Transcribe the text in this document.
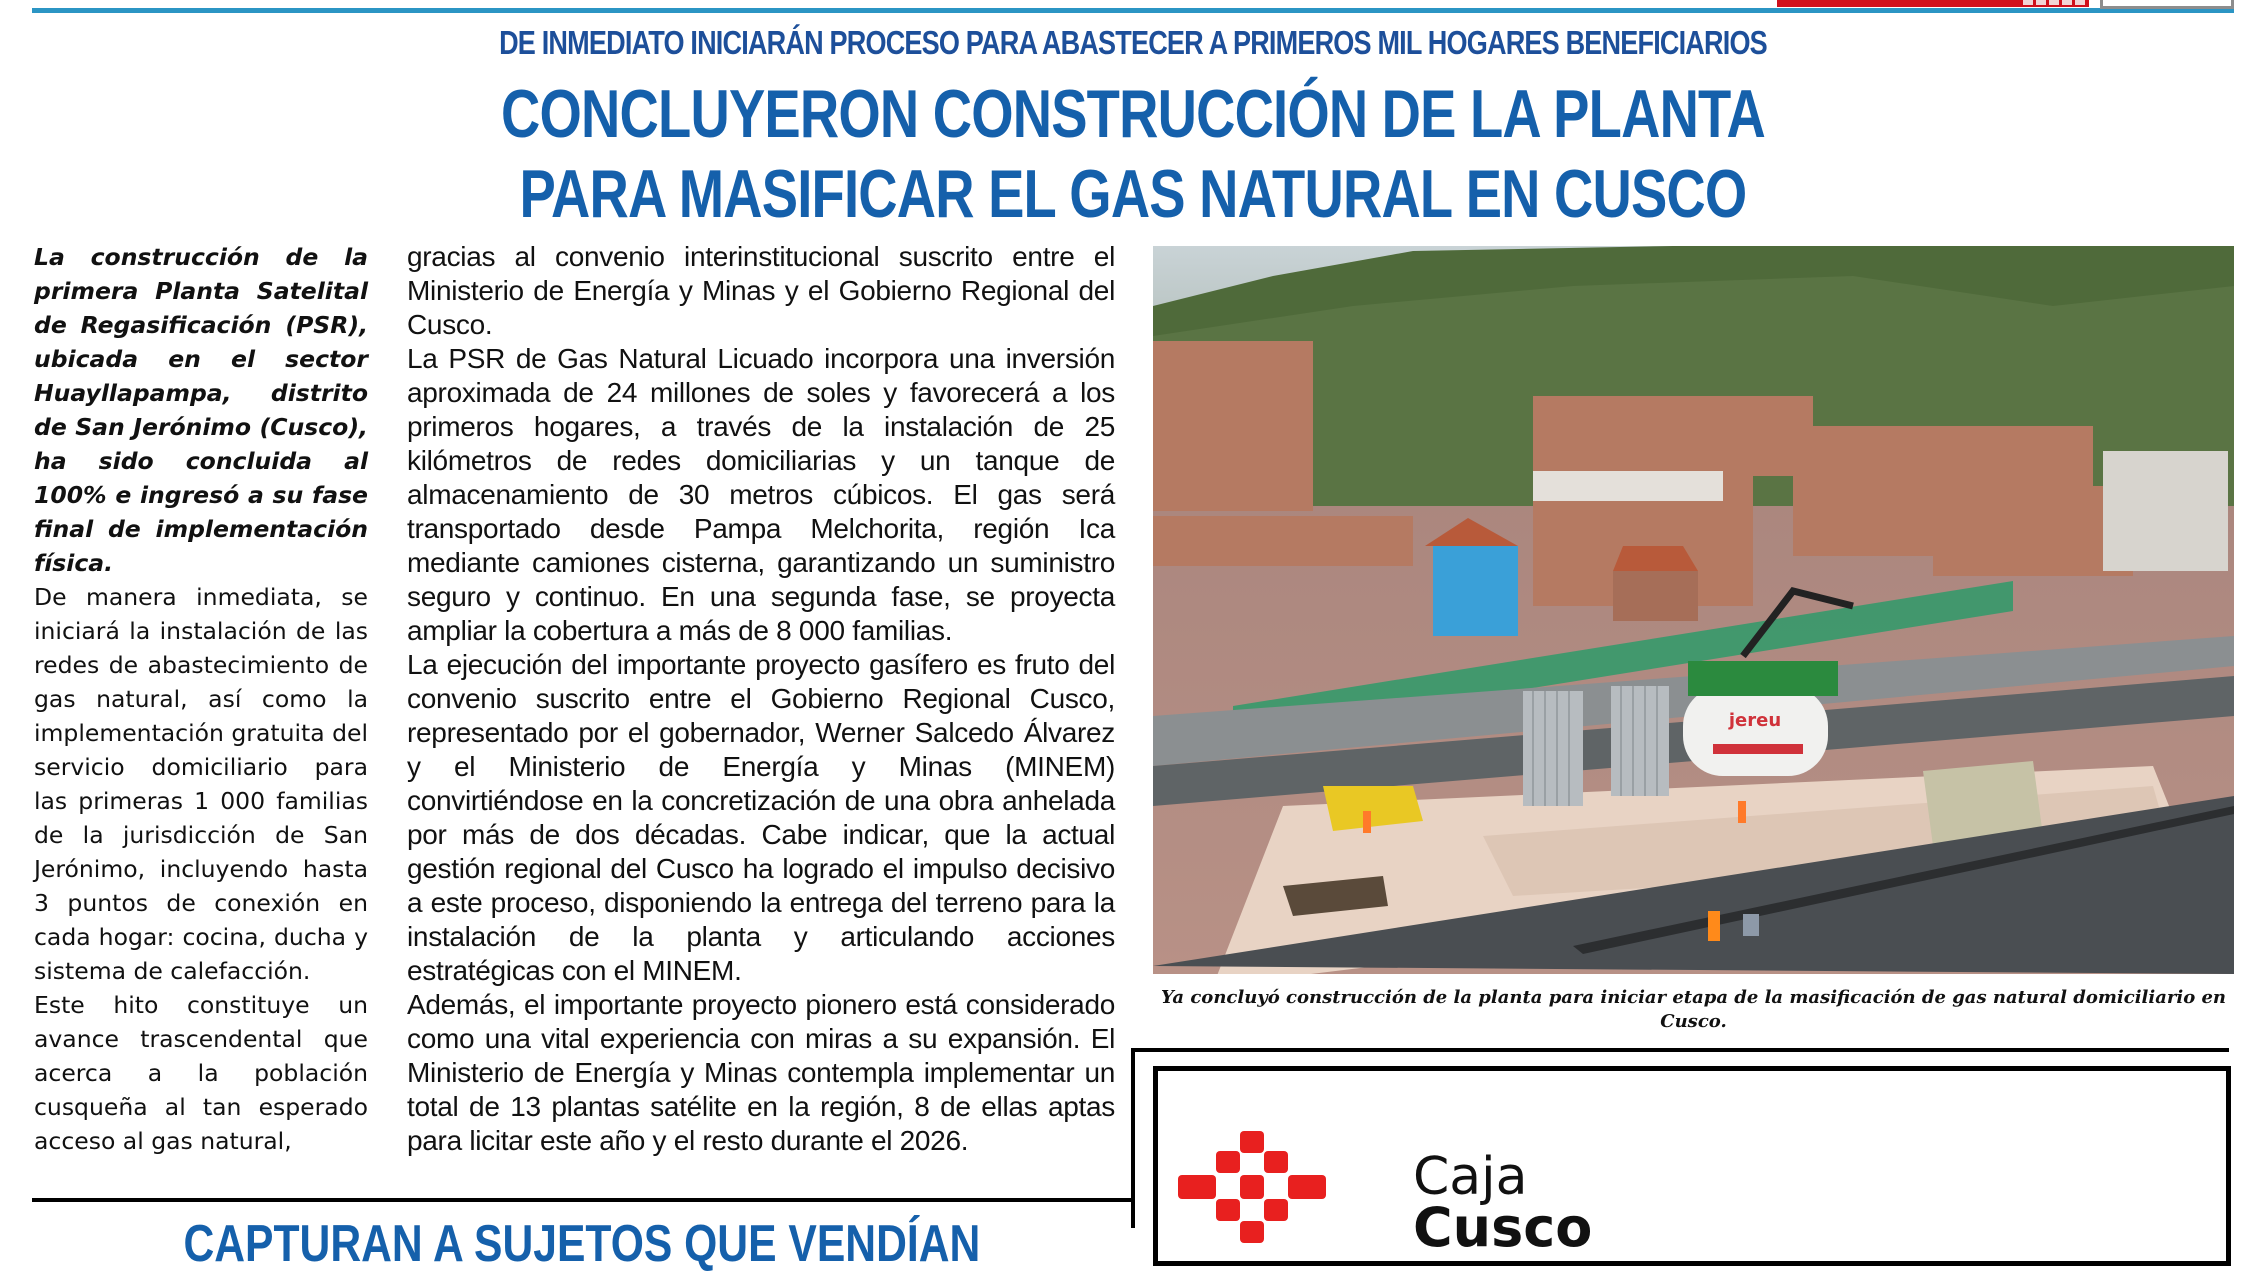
DE INMEDIATO INICIARÁN PROCESO PARA ABASTECER A PRIMEROS MIL HOGARES BENEFICIARIOS
CONCLUYERON CONSTRUCCIÓN DE LA PLANTA
PARA MASIFICAR EL GAS NATURAL EN CUSCO

La construcción de la primera Planta Satelital de Regasificación (PSR), ubicada en el sector Huayllapampa, distrito de San Jerónimo (Cusco), ha sido concluida al 100% e ingresó a su fase final de implementación física.

De manera inmediata, se iniciará la instalación de las redes de abastecimiento de gas natural, así como la implementación gratuita del servicio domiciliario para las primeras 1 000 familias de la jurisdicción de San Jerónimo, incluyendo hasta 3 puntos de conexión en cada hogar: cocina, ducha y sistema de calefacción.

Este hito constituye un avance trascendental que acerca a la población cusqueña al tan esperado acceso al gas natural,

gracias al convenio interinstitucional suscrito entre el Ministerio de Energía y Minas y el Gobierno Regional del Cusco.

La PSR de Gas Natural Licuado incorpora una inversión aproximada de 24 millones de soles y favorecerá a los primeros hogares, a través de la instalación de 25 kilómetros de redes domiciliarias y un tanque de almacenamiento de 30 metros cúbicos. El gas será transportado desde Pampa Melchorita, región Ica mediante camiones cisterna, garantizando un suministro seguro y continuo. En una segunda fase, se proyecta ampliar la cobertura a más de 8 000 familias.

La ejecución del importante proyecto gasífero es fruto del convenio suscrito entre el Gobierno Regional Cusco, representado por el gobernador, Werner Salcedo Álvarez y el Ministerio de Energía y Minas (MINEM) convirtiéndose en la concretización de una obra anhelada por más de dos décadas. Cabe indicar, que la actual gestión regional del Cusco ha logrado el impulso decisivo a este proceso, disponiendo la entrega del terreno para la instalación de la planta y articulando acciones estratégicas con el MINEM.

Además, el importante proyecto pionero está considerado como una vital experiencia con miras a su expansión. El Ministerio de Energía y Minas contempla implementar un total de 13 plantas satélite en la región, 8 de ellas aptas para licitar este año y el resto durante el 2026.

jereu
Ya concluyó construcción de la planta para iniciar etapa de la masificación de gas natural domiciliario en Cusco.
Caja
Cusco
CAPTURAN A SUJETOS QUE VENDÍAN
